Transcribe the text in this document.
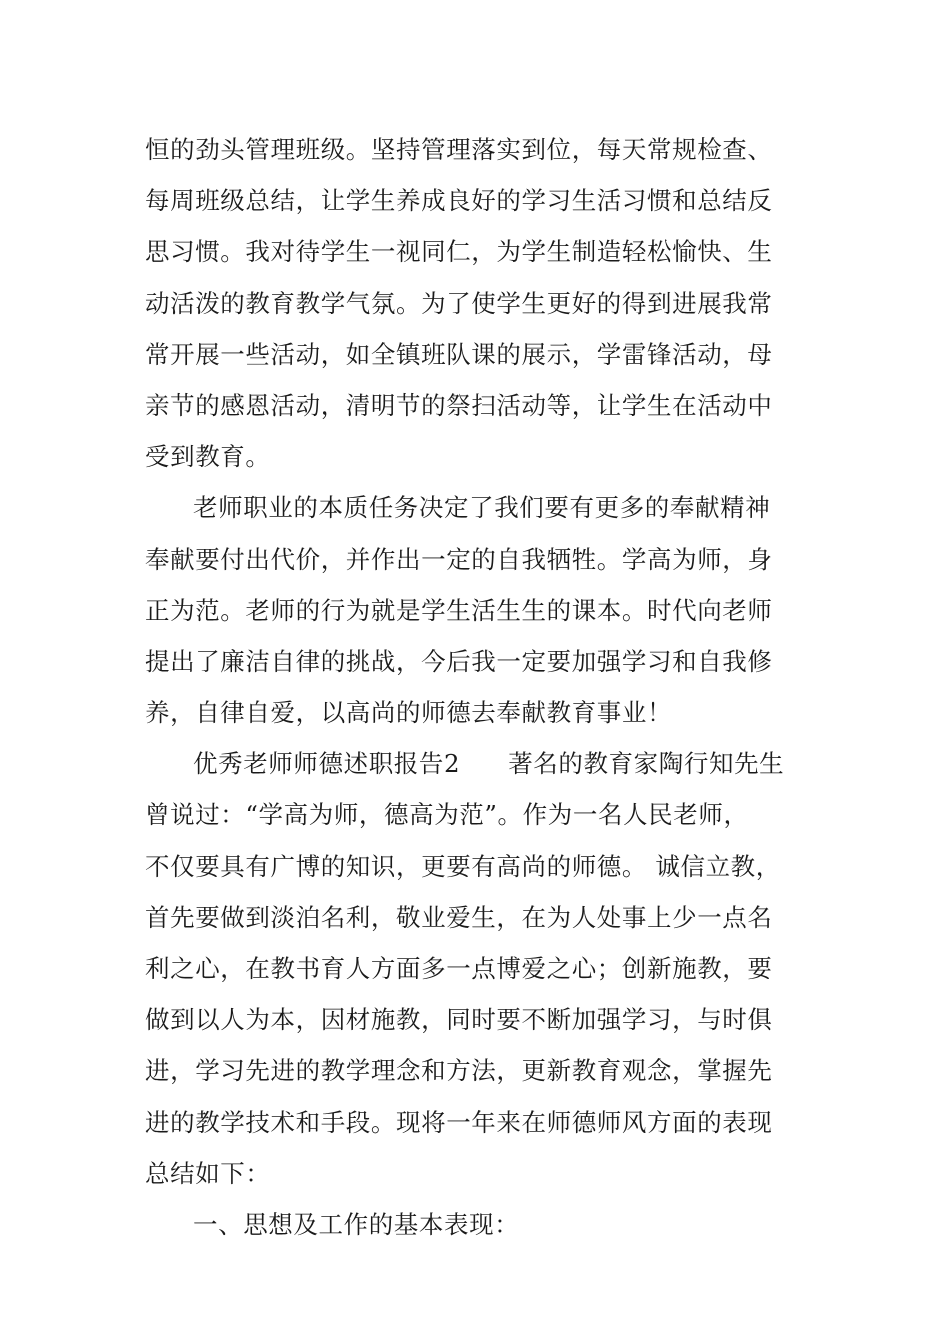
恒的劲头管理班级。坚持管理落实到位，每天常规检查、
每周班级总结，让学生养成良好的学习生活习惯和总结反
思习惯。我对待学生一视同仁，为学生制造轻松愉快、生
动活泼的教育教学气氛。为了使学生更好的得到进展我常
常开展一些活动，如全镇班队课的展示，学雷锋活动，母
亲节的感恩活动，清明节的祭扫活动等，让学生在活动中
受到教育。
老师职业的本质任务决定了我们要有更多的奉献精神
奉献要付出代价，并作出一定的自我牺牲。学高为师，身
正为范。老师的行为就是学生活生生的课本。时代向老师
提出了廉洁自律的挑战，今后我一定要加强学习和自我修
养，自律自爱，以高尚的师德去奉献教育事业！
优秀老师师德述职报告2 著名的教育家陶行知先生
曾说过：“学高为师，德高为范”。作为一名人民老师，
不仅要具有广博的知识，更要有高尚的师德。 诚信立教，
首先要做到淡泊名利，敬业爱生，在为人处事上少一点名
利之心，在教书育人方面多一点博爱之心；创新施教，要
做到以人为本，因材施教，同时要不断加强学习，与时俱
进，学习先进的教学理念和方法，更新教育观念，掌握先
进的教学技术和手段。现将一年来在师德师风方面的表现
总结如下：
一、思想及工作的基本表现：
